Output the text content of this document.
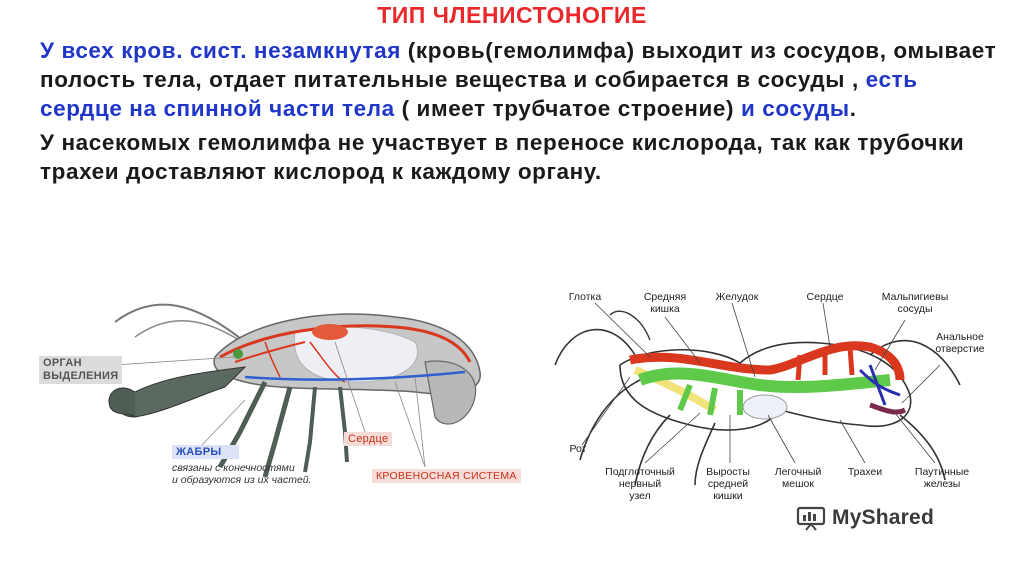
ТИП ЧЛЕНИСТОНОГИЕ

У всех кров. сист. незамкнутая (кровь(гемолимфа) выходит из сосудов, омывает полость тела, отдает питательные вещества и собирается в сосуды , есть сердце на спинной части тела ( имеет трубчатое строение) и сосуды.

У насекомых гемолимфа не участвует в переносе кислорода, так как трубочки трахеи доставляют кислород к каждому органу.

ОРГАН
ВЫДЕЛЕНИЯ
ЖАБРЫ
связаны с конечностями
и образуются из их частей.
Сердце
КРОВЕНОСНАЯ СИСТЕМА
Глотка	Средняя
кишка
Желудок	Сердце	Мальпигиевы
сосуды
Анальное
отверстие
Рот
Подглоточный
нервный
узел
Выросты
средней
кишки
Легочный
мешок
Трахеи	Паутинные
железы
MyShared
